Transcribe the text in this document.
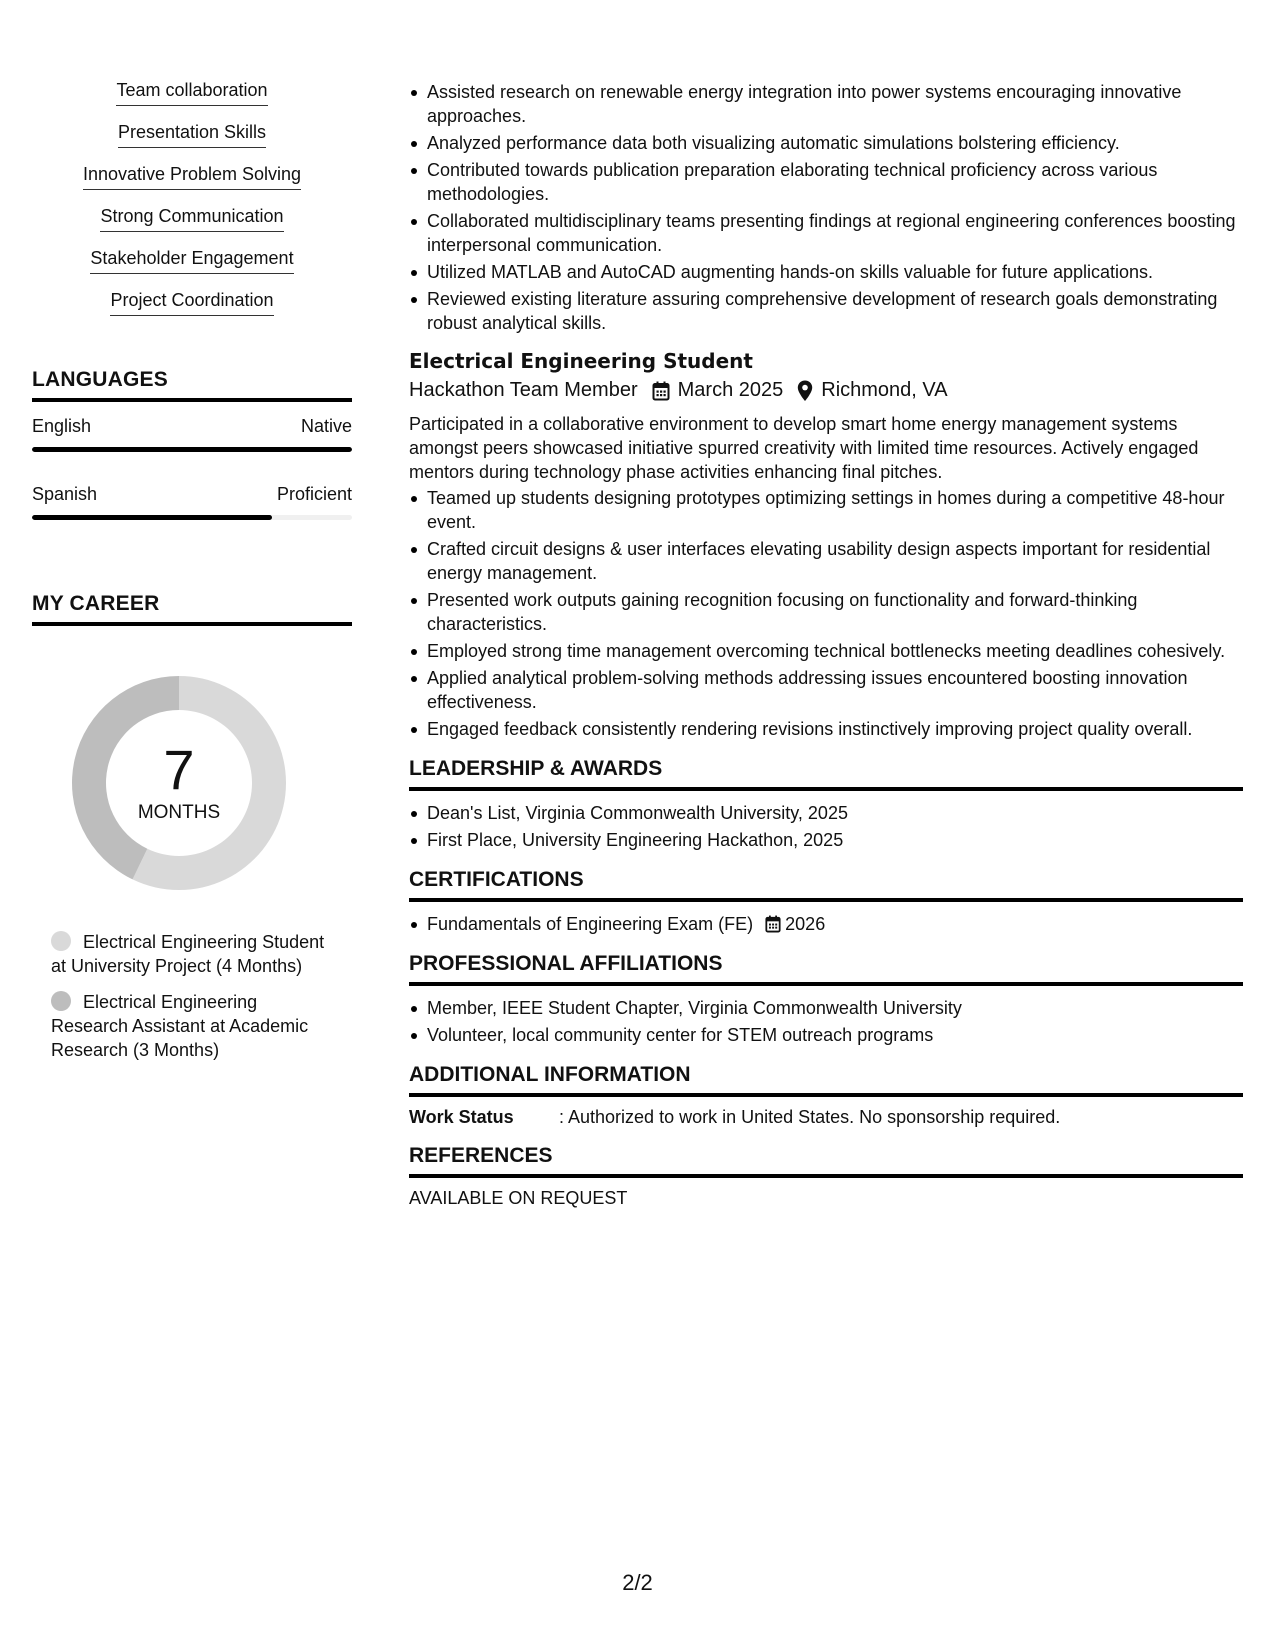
Team collaboration
Presentation Skills
Innovative Problem Solving
Strong Communication
Stakeholder Engagement
Project Coordination
LANGUAGES
English	Native
Spanish	Proficient
MY CAREER
7
MONTHS
Electrical Engineering Student at University Project (4 Months)
Electrical Engineering Research Assistant at Academic Research (3 Months)
Assisted research on renewable energy integration into power systems encouraging innovative approaches.
Analyzed performance data both visualizing automatic simulations bolstering efficiency.
Contributed towards publication preparation elaborating technical proficiency across various methodologies.
Collaborated multidisciplinary teams presenting findings at regional engineering conferences boosting interpersonal communication.
Utilized MATLAB and AutoCAD augmenting hands-on skills valuable for future applications.
Reviewed existing literature assuring comprehensive development of research goals demonstrating robust analytical skills.
Electrical Engineering Student
Hackathon Team Member March 2025 Richmond, VA
Participated in a collaborative environment to develop smart home energy management systems amongst peers showcased initiative spurred creativity with limited time resources. Actively engaged mentors during technology phase activities enhancing final pitches.
Teamed up students designing prototypes optimizing settings in homes during a competitive 48-hour event.
Crafted circuit designs & user interfaces elevating usability design aspects important for residential energy management.
Presented work outputs gaining recognition focusing on functionality and forward-thinking characteristics.
Employed strong time management overcoming technical bottlenecks meeting deadlines cohesively.
Applied analytical problem-solving methods addressing issues encountered boosting innovation effectiveness.
Engaged feedback consistently rendering revisions instinctively improving project quality overall.
LEADERSHIP & AWARDS
Dean's List, Virginia Commonwealth University, 2025
First Place, University Engineering Hackathon, 2025
CERTIFICATIONS
Fundamentals of Engineering Exam (FE) 2026
PROFESSIONAL AFFILIATIONS
Member, IEEE Student Chapter, Virginia Commonwealth University
Volunteer, local community center for STEM outreach programs
ADDITIONAL INFORMATION
Work Status	: Authorized to work in United States. No sponsorship required.
REFERENCES
AVAILABLE ON REQUEST
2/2
